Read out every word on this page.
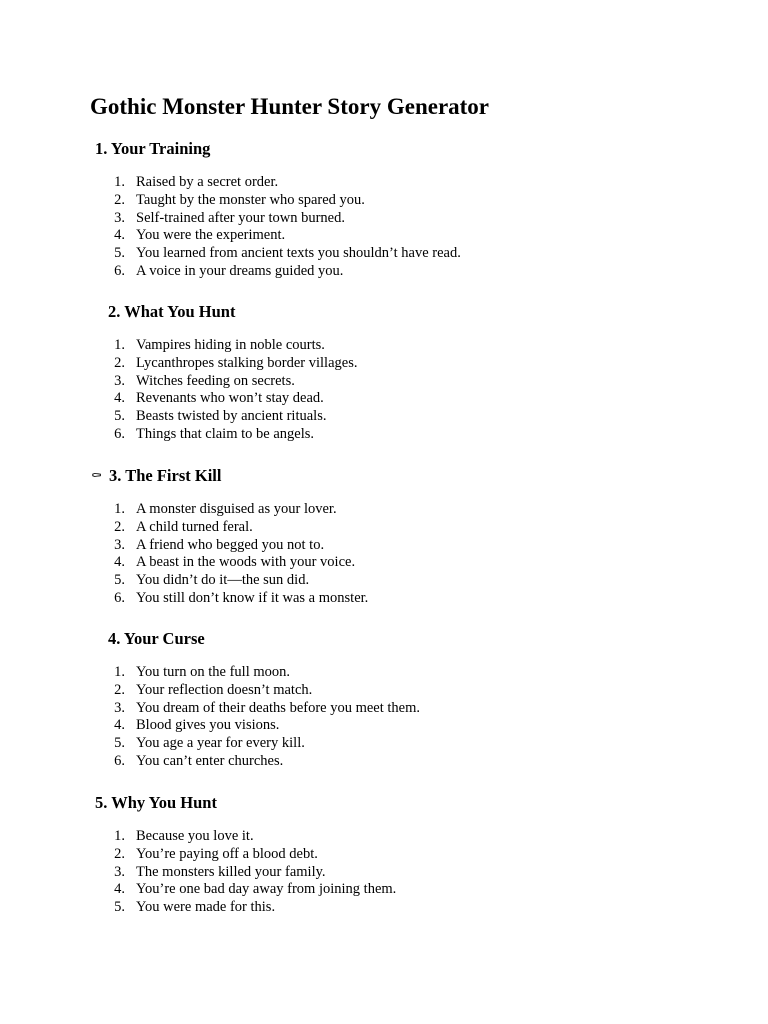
Gothic Monster Hunter Story Generator
1. Your Training
1. Raised by a secret order.
2. Taught by the monster who spared you.
3. Self-trained after your town burned.
4. You were the experiment.
5. You learned from ancient texts you shouldn’t have read.
6. A voice in your dreams guided you.
2. What You Hunt
1. Vampires hiding in noble courts.
2. Lycanthropes stalking border villages.
3. Witches feeding on secrets.
4. Revenants who won’t stay dead.
5. Beasts twisted by ancient rituals.
6. Things that claim to be angels.
⚰ 3. The First Kill
1. A monster disguised as your lover.
2. A child turned feral.
3. A friend who begged you not to.
4. A beast in the woods with your voice.
5. You didn’t do it—the sun did.
6. You still don’t know if it was a monster.
4. Your Curse
1. You turn on the full moon.
2. Your reflection doesn’t match.
3. You dream of their deaths before you meet them.
4. Blood gives you visions.
5. You age a year for every kill.
6. You can’t enter churches.
5. Why You Hunt
1. Because you love it.
2. You’re paying off a blood debt.
3. The monsters killed your family.
4. You’re one bad day away from joining them.
5. You were made for this.
